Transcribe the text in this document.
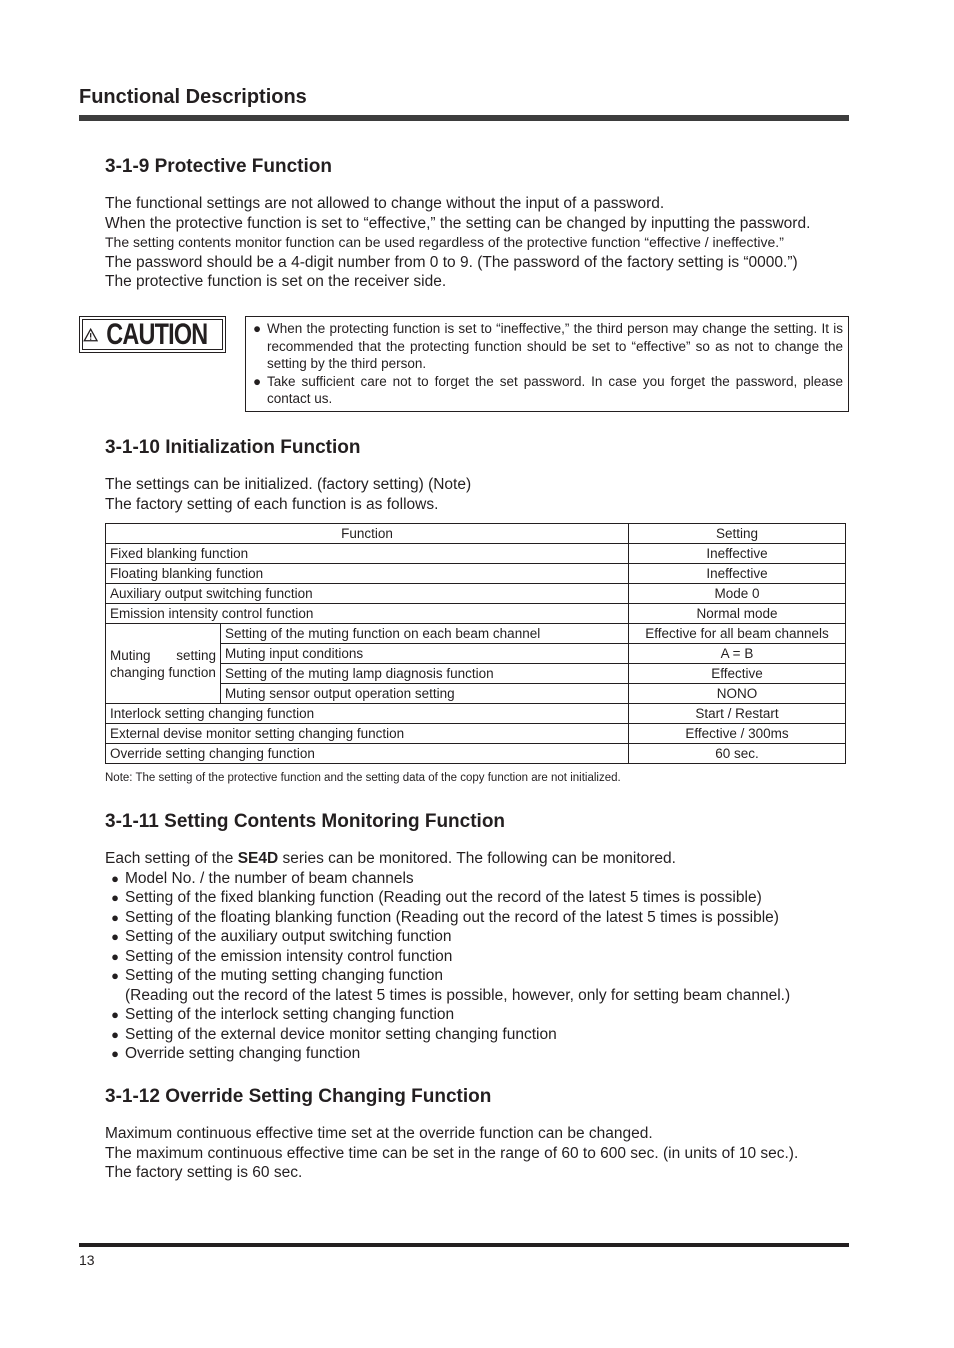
Functional Descriptions
3-1-9 Protective Function
The functional settings are not allowed to change without the input of a password.
When the protective function is set to “effective,” the setting can be changed by inputting the password.
The setting contents monitor function can be used regardless of the protective function “effective / ineffective.”
The password should be a 4-digit number from 0 to 9. (The password of the factory setting is “0000.”)
The protective function is set on the receiver side.
CAUTION	● When the protecting function is set to “ineffective,” the third person may change the setting. It is recommended that the protecting function should be set to “effective” so as not to change the setting by the third person.
● Take sufficient care not to forget the set password. In case you forget the password, please contact us.
3-1-10 Initialization Function
The settings can be initialized. (factory setting) (Note)
The factory setting of each function is as follows.
Function		Setting
Fixed blanking function		Ineffective
Floating blanking function		Ineffective
Auxiliary output switching function		Mode 0
Emission intensity control function		Normal mode
Muting setting changing function	Setting of the muting function on each beam channel	Effective for all beam channels
	Muting input conditions	A = B
	Setting of the muting lamp diagnosis function	Effective
	Muting sensor output operation setting	NONO
Interlock setting changing function		Start / Restart
External devise monitor setting changing function		Effective / 300ms
Override setting changing function		60 sec.
Note: The setting of the protective function and the setting data of the copy function are not initialized.
3-1-11 Setting Contents Monitoring Function
Each setting of the SE4D series can be monitored. The following can be monitored.
● Model No. / the number of beam channels
● Setting of the fixed blanking function (Reading out the record of the latest 5 times is possible)
● Setting of the floating blanking function (Reading out the record of the latest 5 times is possible)
● Setting of the auxiliary output switching function
● Setting of the emission intensity control function
● Setting of the muting setting changing function
(Reading out the record of the latest 5 times is possible, however, only for setting beam channel.)
● Setting of the interlock setting changing function
● Setting of the external device monitor setting changing function
● Override setting changing function
3-1-12 Override Setting Changing Function
Maximum continuous effective time set at the override function can be changed.
The maximum continuous effective time can be set in the range of 60 to 600 sec. (in units of 10 sec.).
The factory setting is 60 sec.
13
